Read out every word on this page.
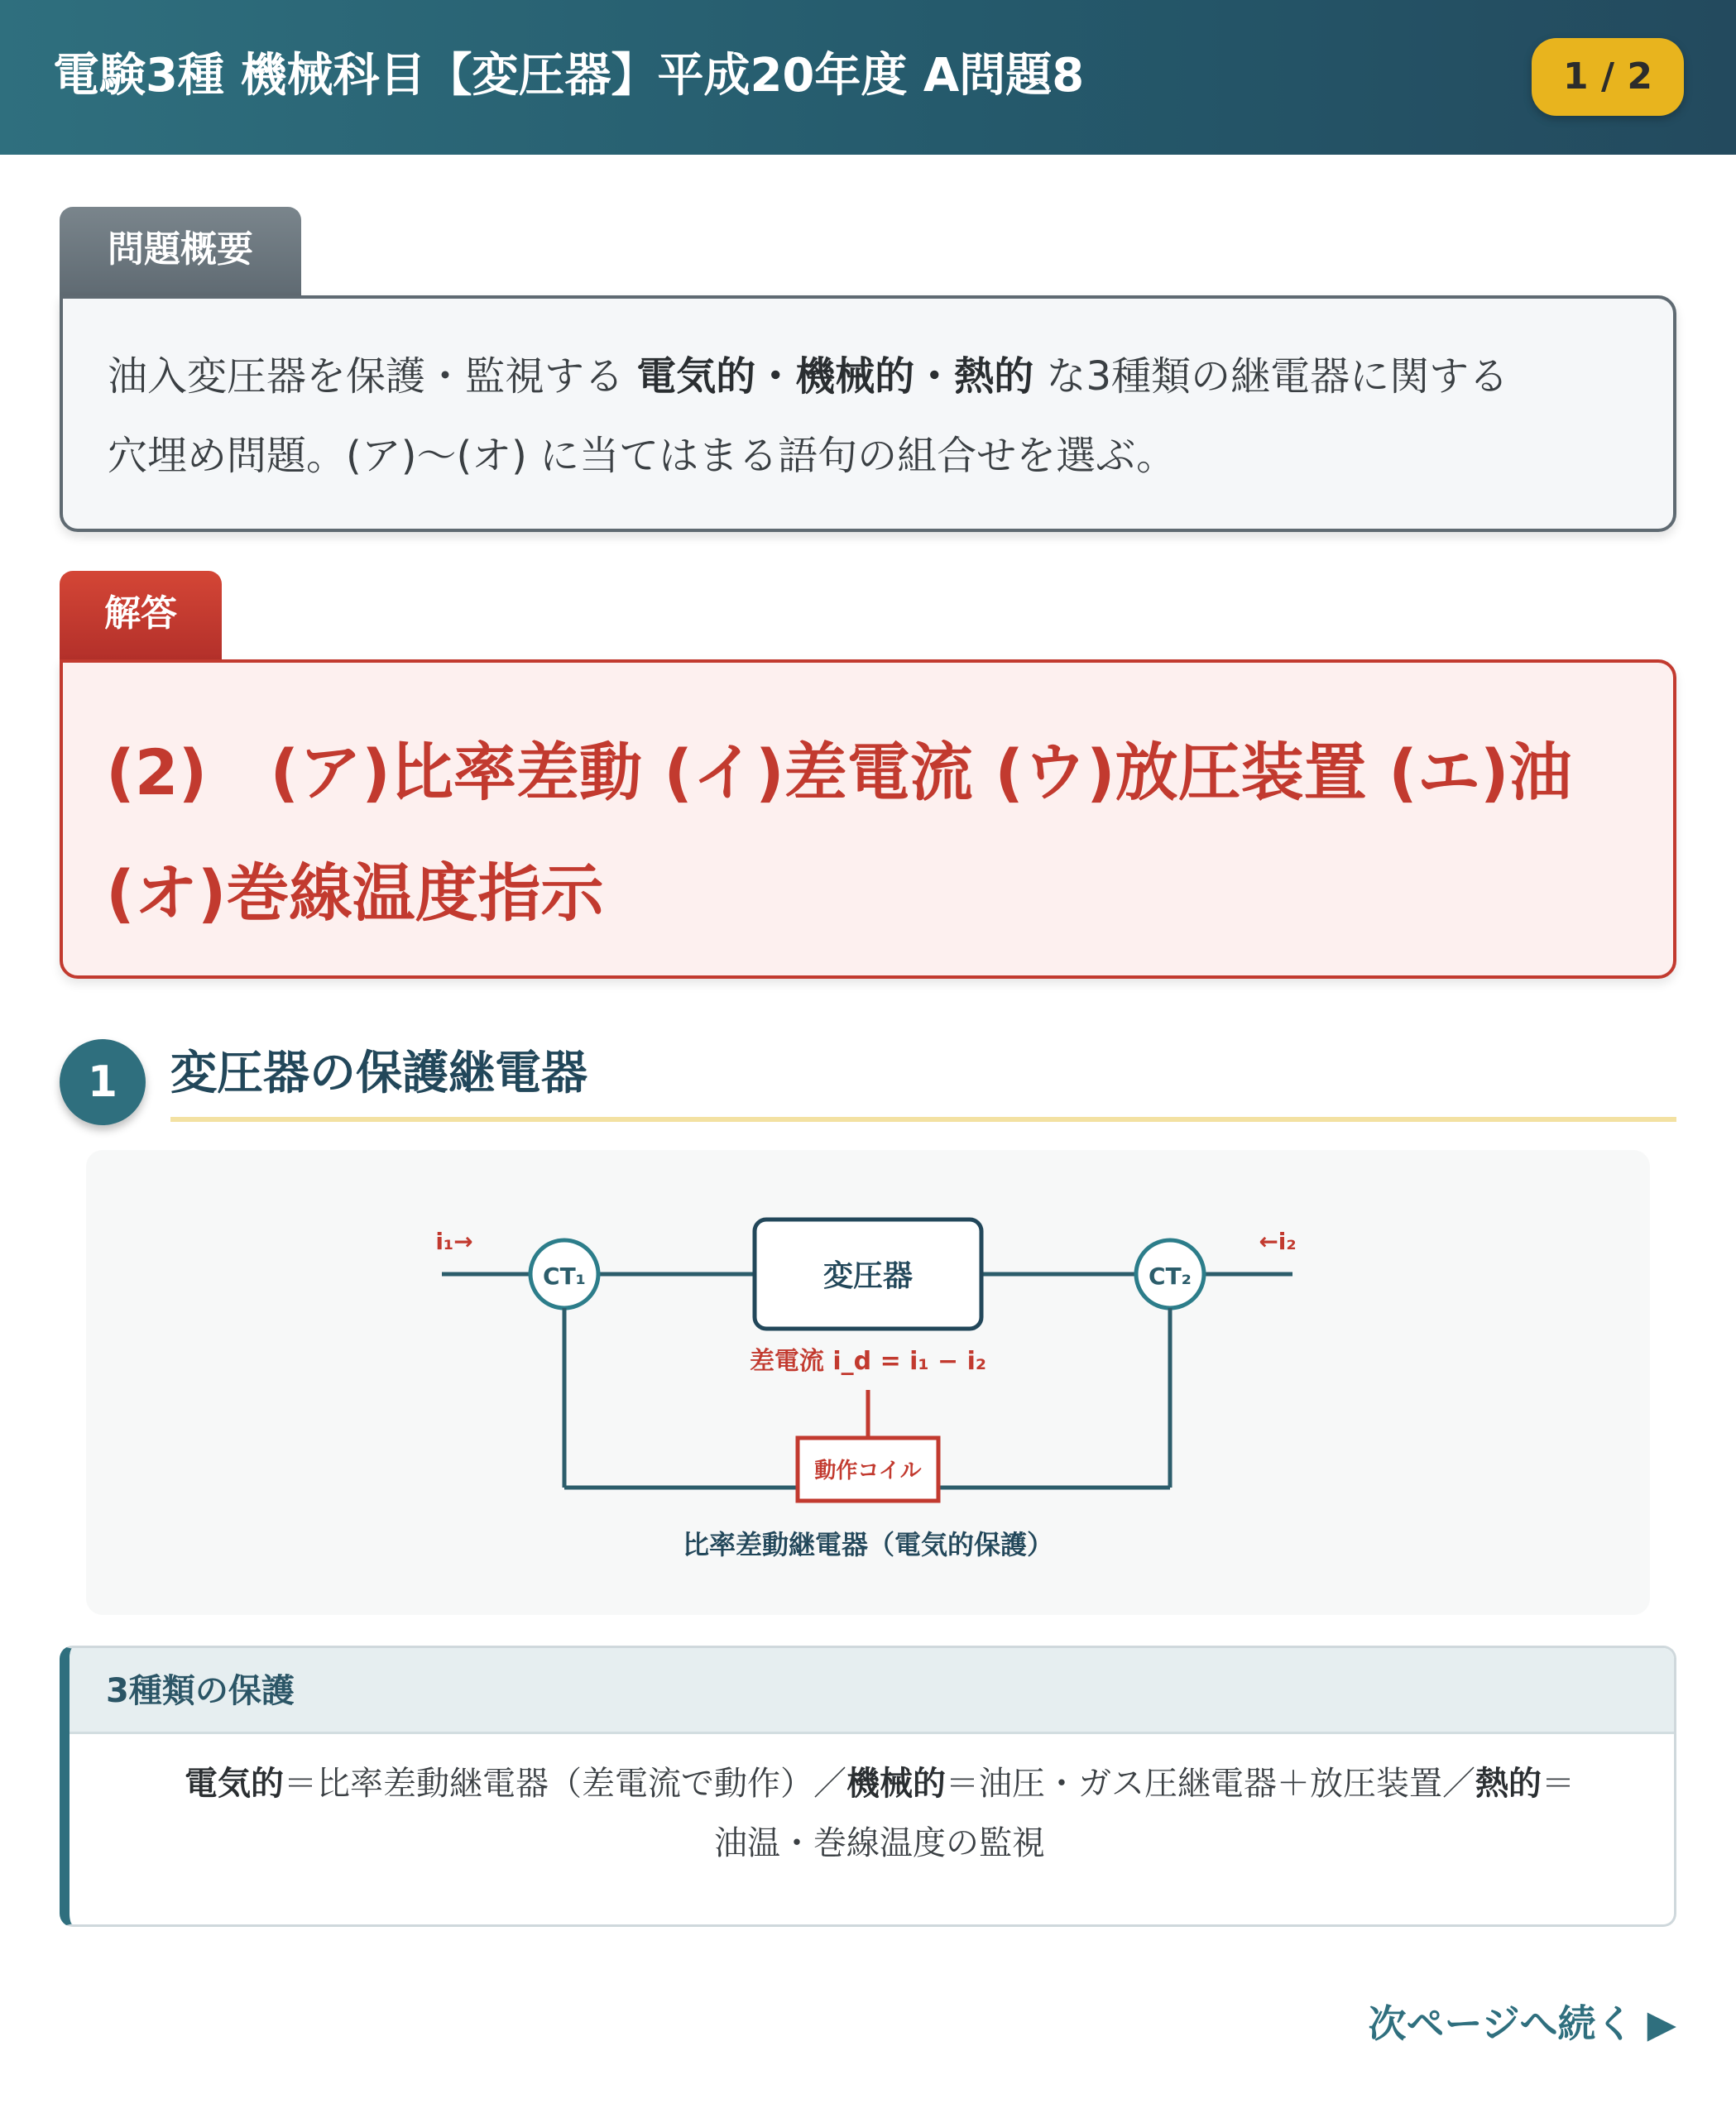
電験3種 機械科目【変圧器】平成20年度 A問題8	1 / 2
問題概要
油入変圧器を保護・監視する 電気的・機械的・熱的 な3種類の継電器に関する
穴埋め問題。(ア)〜(オ) に当てはまる語句の組合せを選ぶ。
解答
(2)　(ア)比率差動 (イ)差電流 (ウ)放圧装置 (エ)油
(オ)巻線温度指示
1	変圧器の保護継電器
CT₁	CT₂
変圧器
i₁→	←i₂
差電流 i_d = i₁ − i₂
動作コイル
比率差動継電器（電気的保護）
3種類の保護
電気的＝比率差動継電器（差電流で動作）／機械的＝油圧・ガス圧継電器＋放圧装置／熱的＝
油温・巻線温度の監視
次ページへ続く ▶
